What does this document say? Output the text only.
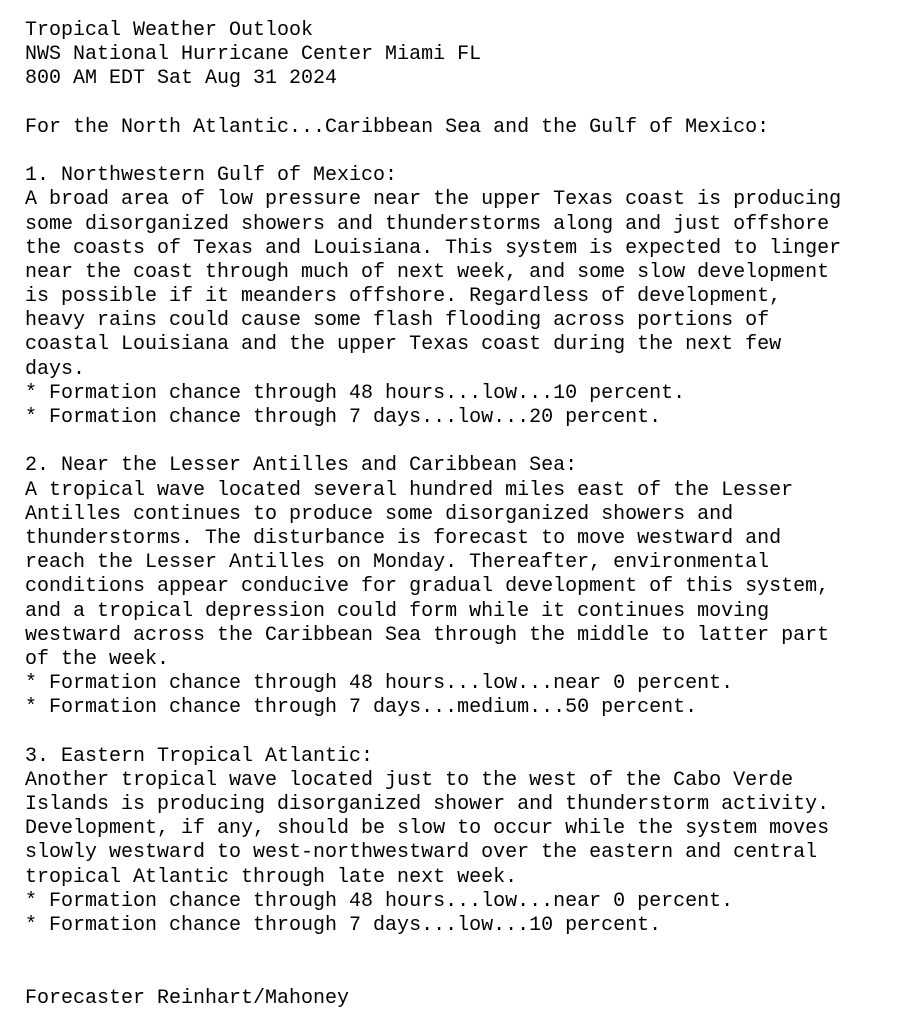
Tropical Weather Outlook
NWS National Hurricane Center Miami FL
800 AM EDT Sat Aug 31 2024
For the North Atlantic...Caribbean Sea and the Gulf of Mexico:
1. Northwestern Gulf of Mexico:
A broad area of low pressure near the upper Texas coast is producing
some disorganized showers and thunderstorms along and just offshore
the coasts of Texas and Louisiana. This system is expected to linger
near the coast through much of next week, and some slow development
is possible if it meanders offshore. Regardless of development,
heavy rains could cause some flash flooding across portions of
coastal Louisiana and the upper Texas coast during the next few
days.
* Formation chance through 48 hours...low...10 percent.
* Formation chance through 7 days...low...20 percent.
2. Near the Lesser Antilles and Caribbean Sea:
A tropical wave located several hundred miles east of the Lesser
Antilles continues to produce some disorganized showers and
thunderstorms. The disturbance is forecast to move westward and
reach the Lesser Antilles on Monday. Thereafter, environmental
conditions appear conducive for gradual development of this system,
and a tropical depression could form while it continues moving
westward across the Caribbean Sea through the middle to latter part
of the week.
* Formation chance through 48 hours...low...near 0 percent.
* Formation chance through 7 days...medium...50 percent.
3. Eastern Tropical Atlantic:
Another tropical wave located just to the west of the Cabo Verde
Islands is producing disorganized shower and thunderstorm activity.
Development, if any, should be slow to occur while the system moves
slowly westward to west-northwestward over the eastern and central
tropical Atlantic through late next week.
* Formation chance through 48 hours...low...near 0 percent.
* Formation chance through 7 days...low...10 percent.
Forecaster Reinhart/Mahoney
